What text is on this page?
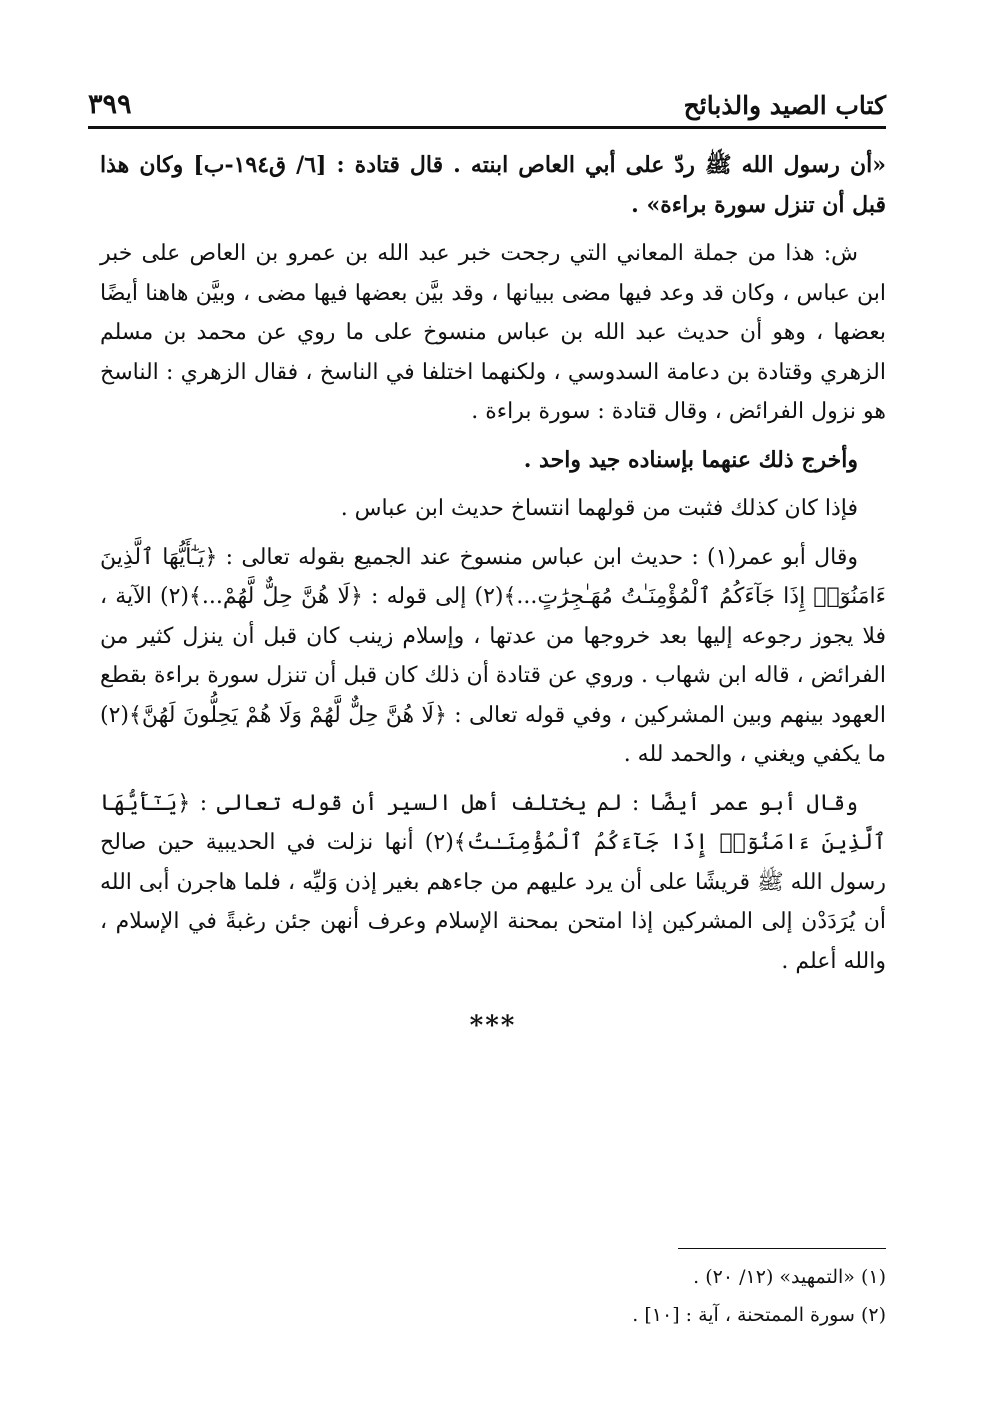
كتاب الصيد والذبائح
٣٩٩

«أن رسول الله ﷺ ردّ على أبي العاص ابنته . قال قتادة : [٦/ ق١٩٤-ب] وكان هذا قبل أن تنزل سورة براءة» .

ش: هذا من جملة المعاني التي رجحت خبر عبد الله بن عمرو بن العاص على خبر ابن عباس ، وكان قد وعد فيها مضى ببيانها ، وقد بيَّن بعضها فيها مضى ، وبيَّن هاهنا أيضًا بعضها ، وهو أن حديث عبد الله بن عباس منسوخ على ما روي عن محمد بن مسلم الزهري وقتادة بن دعامة السدوسي ، ولكنهما اختلفا في الناسخ ، فقال الزهري : الناسخ هو نزول الفرائض ، وقال قتادة : سورة براءة .

وأخرج ذلك عنهما بإسناده جيد واحد .

فإذا كان كذلك فثبت من قولهما انتساخ حديث ابن عباس .

وقال أبو عمر(١) : حديث ابن عباس منسوخ عند الجميع بقوله تعالى : ﴿يَـٰٓأَيُّهَا ٱلَّذِينَ ءَامَنُوٓا۟ إِذَا جَآءَكُمُ ٱلْمُؤْمِنَـٰتُ مُهَـٰجِرَٰتٍ...﴾(٢) إلى قوله : ﴿لَا هُنَّ حِلٌّ لَّهُمْ...﴾(٢) الآية ، فلا يجوز رجوعه إليها بعد خروجها من عدتها ، وإسلام زينب كان قبل أن ينزل كثير من الفرائض ، قاله ابن شهاب . وروي عن قتادة أن ذلك كان قبل أن تنزل سورة براءة بقطع العهود بينهم وبين المشركين ، وفي قوله تعالى : ﴿لَا هُنَّ حِلٌّ لَّهُمْ وَلَا هُمْ يَحِلُّونَ لَهُنَّ﴾(٢) ما يكفي ويغني ، والحمد لله .

وقال أبو عمر أيضًا : لم يختلف أهل السير أن قوله تعالى : ﴿يَـٰٓأَيُّهَا ٱلَّذِينَ ءَامَنُوٓا۟ إِذَا جَآءَكُمُ ٱلْمُؤْمِنَـٰتُ﴾(٢) أنها نزلت في الحديبية حين صالح رسول الله ﷺ قريشًا على أن يرد عليهم من جاءهم بغير إذن وَليِّه ، فلما هاجرن أبى الله أن يُرَدَدْن إلى المشركين إذا امتحن بمحنة الإسلام وعرف أنهن جئن رغبةً في الإسلام ، والله أعلم .

***

(١) «التمهيد» (١٢/ ٢٠) .

(٢) سورة الممتحنة ، آية : [١٠] .
